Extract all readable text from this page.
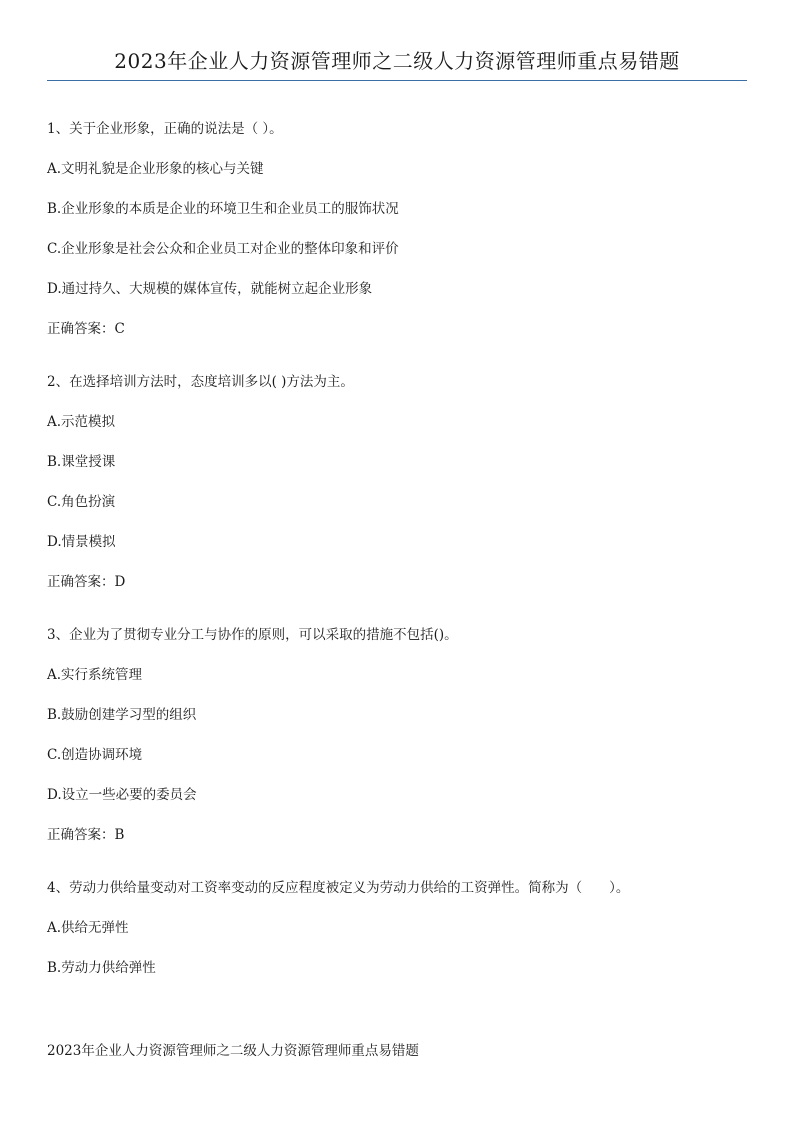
2023年企业人力资源管理师之二级人力资源管理师重点易错题
1、关于企业形象，正确的说法是（ ）。
A.文明礼貌是企业形象的核心与关键
B.企业形象的本质是企业的环境卫生和企业员工的服饰状况
C.企业形象是社会公众和企业员工对企业的整体印象和评价
D.通过持久、大规模的媒体宣传，就能树立起企业形象
正确答案：C
2、在选择培训方法时，态度培训多以( )方法为主。
A.示范模拟
B.课堂授课
C.角色扮演
D.情景模拟
正确答案：D
3、企业为了贯彻专业分工与协作的原则，可以采取的措施不包括()。
A.实行系统管理
B.鼓励创建学习型的组织
C.创造协调环境
D.设立一些必要的委员会
正确答案：B
4、劳动力供给量变动对工资率变动的反应程度被定义为劳动力供给的工资弹性。简称为（　　）。
A.供给无弹性
B.劳动力供给弹性
2023年企业人力资源管理师之二级人力资源管理师重点易错题
